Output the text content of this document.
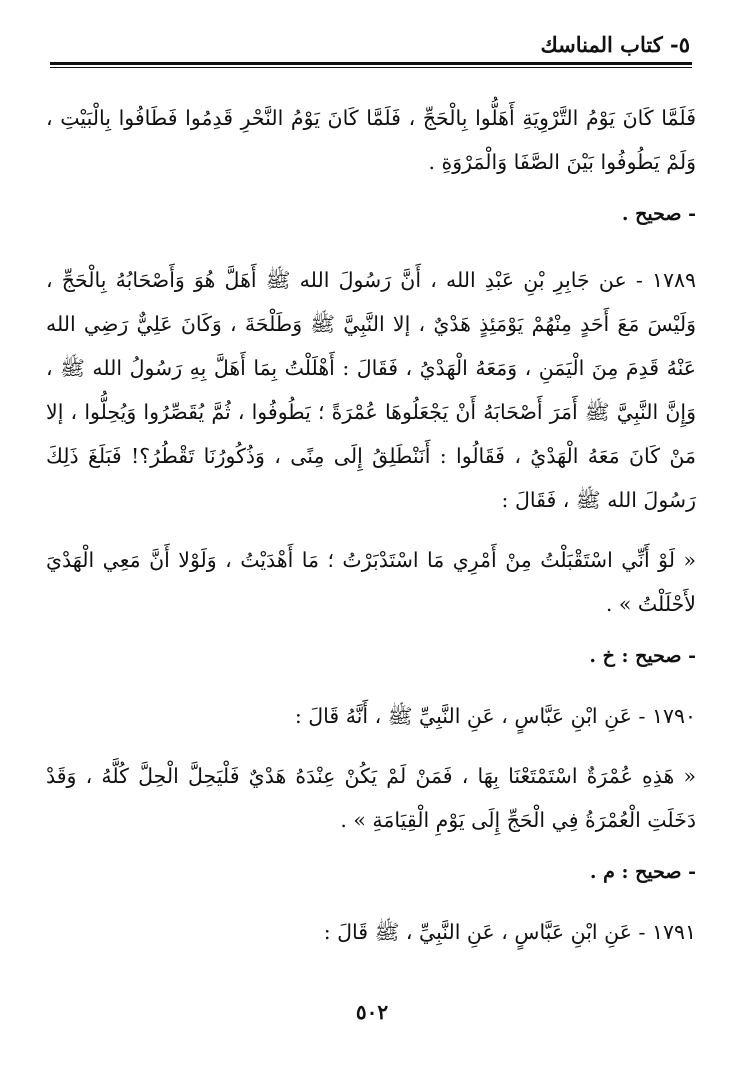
٥- كتاب المناسك

فَلَمَّا كَانَ يَوْمُ التَّرْوِيَةِ أَهَلُّوا بِالْحَجِّ ، فَلَمَّا كَانَ يَوْمُ النَّحْرِ قَدِمُوا فَطَافُوا بِالْبَيْتِ ، وَلَمْ يَطُوفُوا بَيْنَ الصَّفَا وَالْمَرْوَةِ .

- صحيح .

١٧٨٩ - عن جَابِرِ بْنِ عَبْدِ الله ، أَنَّ رَسُولَ الله ﷺ أَهَلَّ هُوَ وَأَصْحَابُهُ بِالْحَجِّ ، وَلَيْسَ مَعَ أَحَدٍ مِنْهُمْ يَوْمَئِذٍ هَدْيٌ ، إلا النَّبِيَّ ﷺ وَطَلْحَةَ ، وَكَانَ عَلِيٌّ رَضِي الله عَنْهُ قَدِمَ مِنَ الْيَمَنِ ، وَمَعَهُ الْهَدْيُ ، فَقَالَ : أَهْلَلْتُ بِمَا أَهَلَّ بِهِ رَسُولُ الله ﷺ ، وَإِنَّ النَّبِيَّ ﷺ أَمَرَ أَصْحَابَهُ أَنْ يَجْعَلُوهَا عُمْرَةً ؛ يَطُوفُوا ، ثُمَّ يُقَصِّرُوا وَيُحِلُّوا ، إلا مَنْ كَانَ مَعَهُ الْهَدْيُ ، فَقَالُوا : أَنَنْطَلِقُ إِلَى مِنًى ، وَذُكُورُنَا تَقْطُرُ؟! فَبَلَغَ ذَلِكَ رَسُولَ الله ﷺ ، فَقَالَ :

« لَوْ أَنِّي اسْتَقْبَلْتُ مِنْ أَمْرِي مَا اسْتَدْبَرْتُ ؛ مَا أَهْدَيْتُ ، وَلَوْلا أَنَّ مَعِي الْهَدْيَ لأَحْلَلْتُ » .

- صحيح : خ .

١٧٩٠ - عَنِ ابْنِ عَبَّاسٍ ، عَنِ النَّبِيِّ ﷺ ، أَنَّهُ قَالَ :

« هَذِهِ عُمْرَةٌ اسْتَمْتَعْنَا بِهَا ، فَمَنْ لَمْ يَكُنْ عِنْدَهُ هَدْيٌ فَلْيَحِلَّ الْحِلَّ كُلَّهُ ، وَقَدْ دَخَلَتِ الْعُمْرَةُ فِي الْحَجِّ إِلَى يَوْمِ الْقِيَامَةِ » .

- صحيح : م .

١٧٩١ - عَنِ ابْنِ عَبَّاسٍ ، عَنِ النَّبِيِّ ، ﷺ قَالَ :

٥٠٢
